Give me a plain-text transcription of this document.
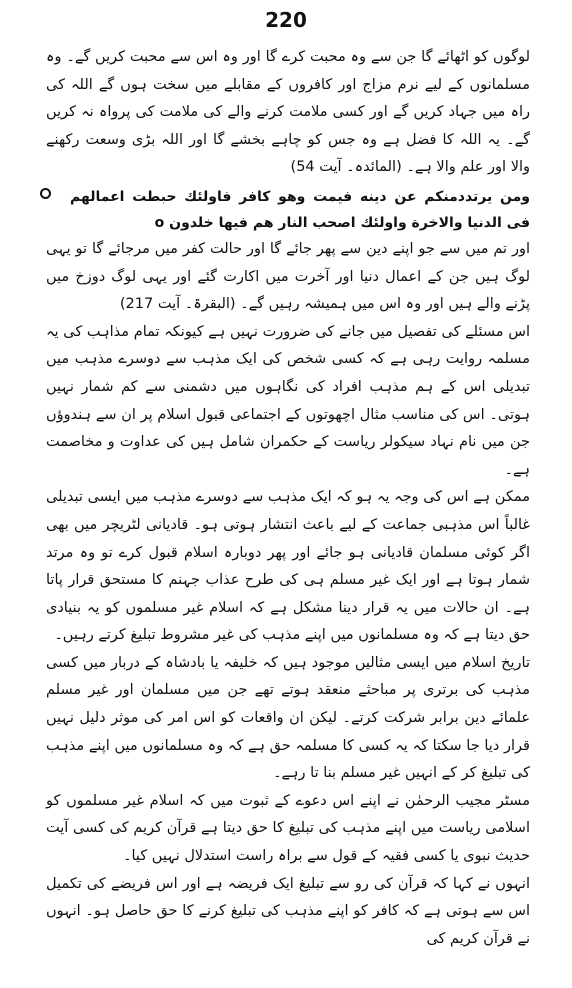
220

لوگوں کو اٹھائے گا جن سے وہ محبت کرے گا اور وہ اس سے محبت کریں گے۔ وہ مسلمانوں کے لیے نرم مزاج اور کافروں کے مقابلے میں سخت ہوں گے اللہ کی راہ میں جہاد کریں گے اور کسی ملامت کرنے والے کی ملامت کی پرواہ نہ کریں گے۔ یہ اللہ کا فضل ہے وہ جس کو چاہے بخشے گا اور اللہ بڑی وسعت رکھنے والا اور علم والا ہے۔ (المائدہ۔ آیت 54)

ومن يرتددمنكم عن دينه فيمت وهو كافر فاولئك حبطت اعمالهم فى الدنيا والاخرة واولئك اصحب النار هم فيها خلدون o

اور تم میں سے جو اپنے دین سے پھر جائے گا اور حالت کفر میں مرجائے گا تو یہی لوگ ہیں جن کے اعمال دنیا اور آخرت میں اکارت گئے اور یہی لوگ دوزخ میں پڑنے والے ہیں اور وہ اس میں ہمیشہ رہیں گے۔ (البقرۃ۔ آیت 217)

اس مسئلے کی تفصیل میں جانے کی ضرورت نہیں ہے کیونکہ تمام مذاہب کی یہ مسلمہ روایت رہی ہے کہ کسی شخص کی ایک مذہب سے دوسرے مذہب میں تبدیلی اس کے ہم مذہب افراد کی نگاہوں میں دشمنی سے کم شمار نہیں ہوتی۔ اس کی مناسب مثال اچھوتوں کے اجتماعی قبول اسلام پر ان سے ہندوؤں جن میں نام نہاد سیکولر ریاست کے حکمران شامل ہیں کی عداوت و مخاصمت ہے۔

ممکن ہے اس کی وجہ یہ ہو کہ ایک مذہب سے دوسرے مذہب میں ایسی تبدیلی غالباً اس مذہبی جماعت کے لیے باعث انتشار ہوتی ہو۔ قادیانی لٹریچر میں بھی اگر کوئی مسلمان قادیانی ہو جائے اور پھر دوبارہ اسلام قبول کرے تو وہ مرتد شمار ہوتا ہے اور ایک غیر مسلم ہی کی طرح عذاب جہنم کا مستحق قرار پاتا ہے۔ ان حالات میں یہ قرار دینا مشکل ہے کہ اسلام غیر مسلموں کو یہ بنیادی حق دیتا ہے کہ وہ مسلمانوں میں اپنے مذہب کی غیر مشروط تبلیغ کرتے رہیں۔

تاریخ اسلام میں ایسی مثالیں موجود ہیں کہ خلیفہ یا بادشاہ کے دربار میں کسی مذہب کی برتری پر مباحثے منعقد ہوتے تھے جن میں مسلمان اور غیر مسلم علمائے دین برابر شرکت کرتے۔ لیکن ان واقعات کو اس امر کی موثر دلیل نہیں قرار دیا جا سکتا کہ یہ کسی کا مسلمہ حق ہے کہ وہ مسلمانوں میں اپنے مذہب کی تبلیغ کر کے انہیں غیر مسلم بنا تا رہے۔

مسٹر مجیب الرحمٰن نے اپنے اس دعوے کے ثبوت میں کہ اسلام غیر مسلموں کو اسلامی ریاست میں اپنے مذہب کی تبلیغ کا حق دیتا ہے قرآن کریم کی کسی آیت حدیث نبوی یا کسی فقیہ کے قول سے براہ راست استدلال نہیں کیا۔

انہوں نے کہا کہ قرآن کی رو سے تبلیغ ایک فریضہ ہے اور اس فریضے کی تکمیل اس سے ہوتی ہے کہ کافر کو اپنے مذہب کی تبلیغ کرنے کا حق حاصل ہو۔ انہوں نے قرآن کریم کی
